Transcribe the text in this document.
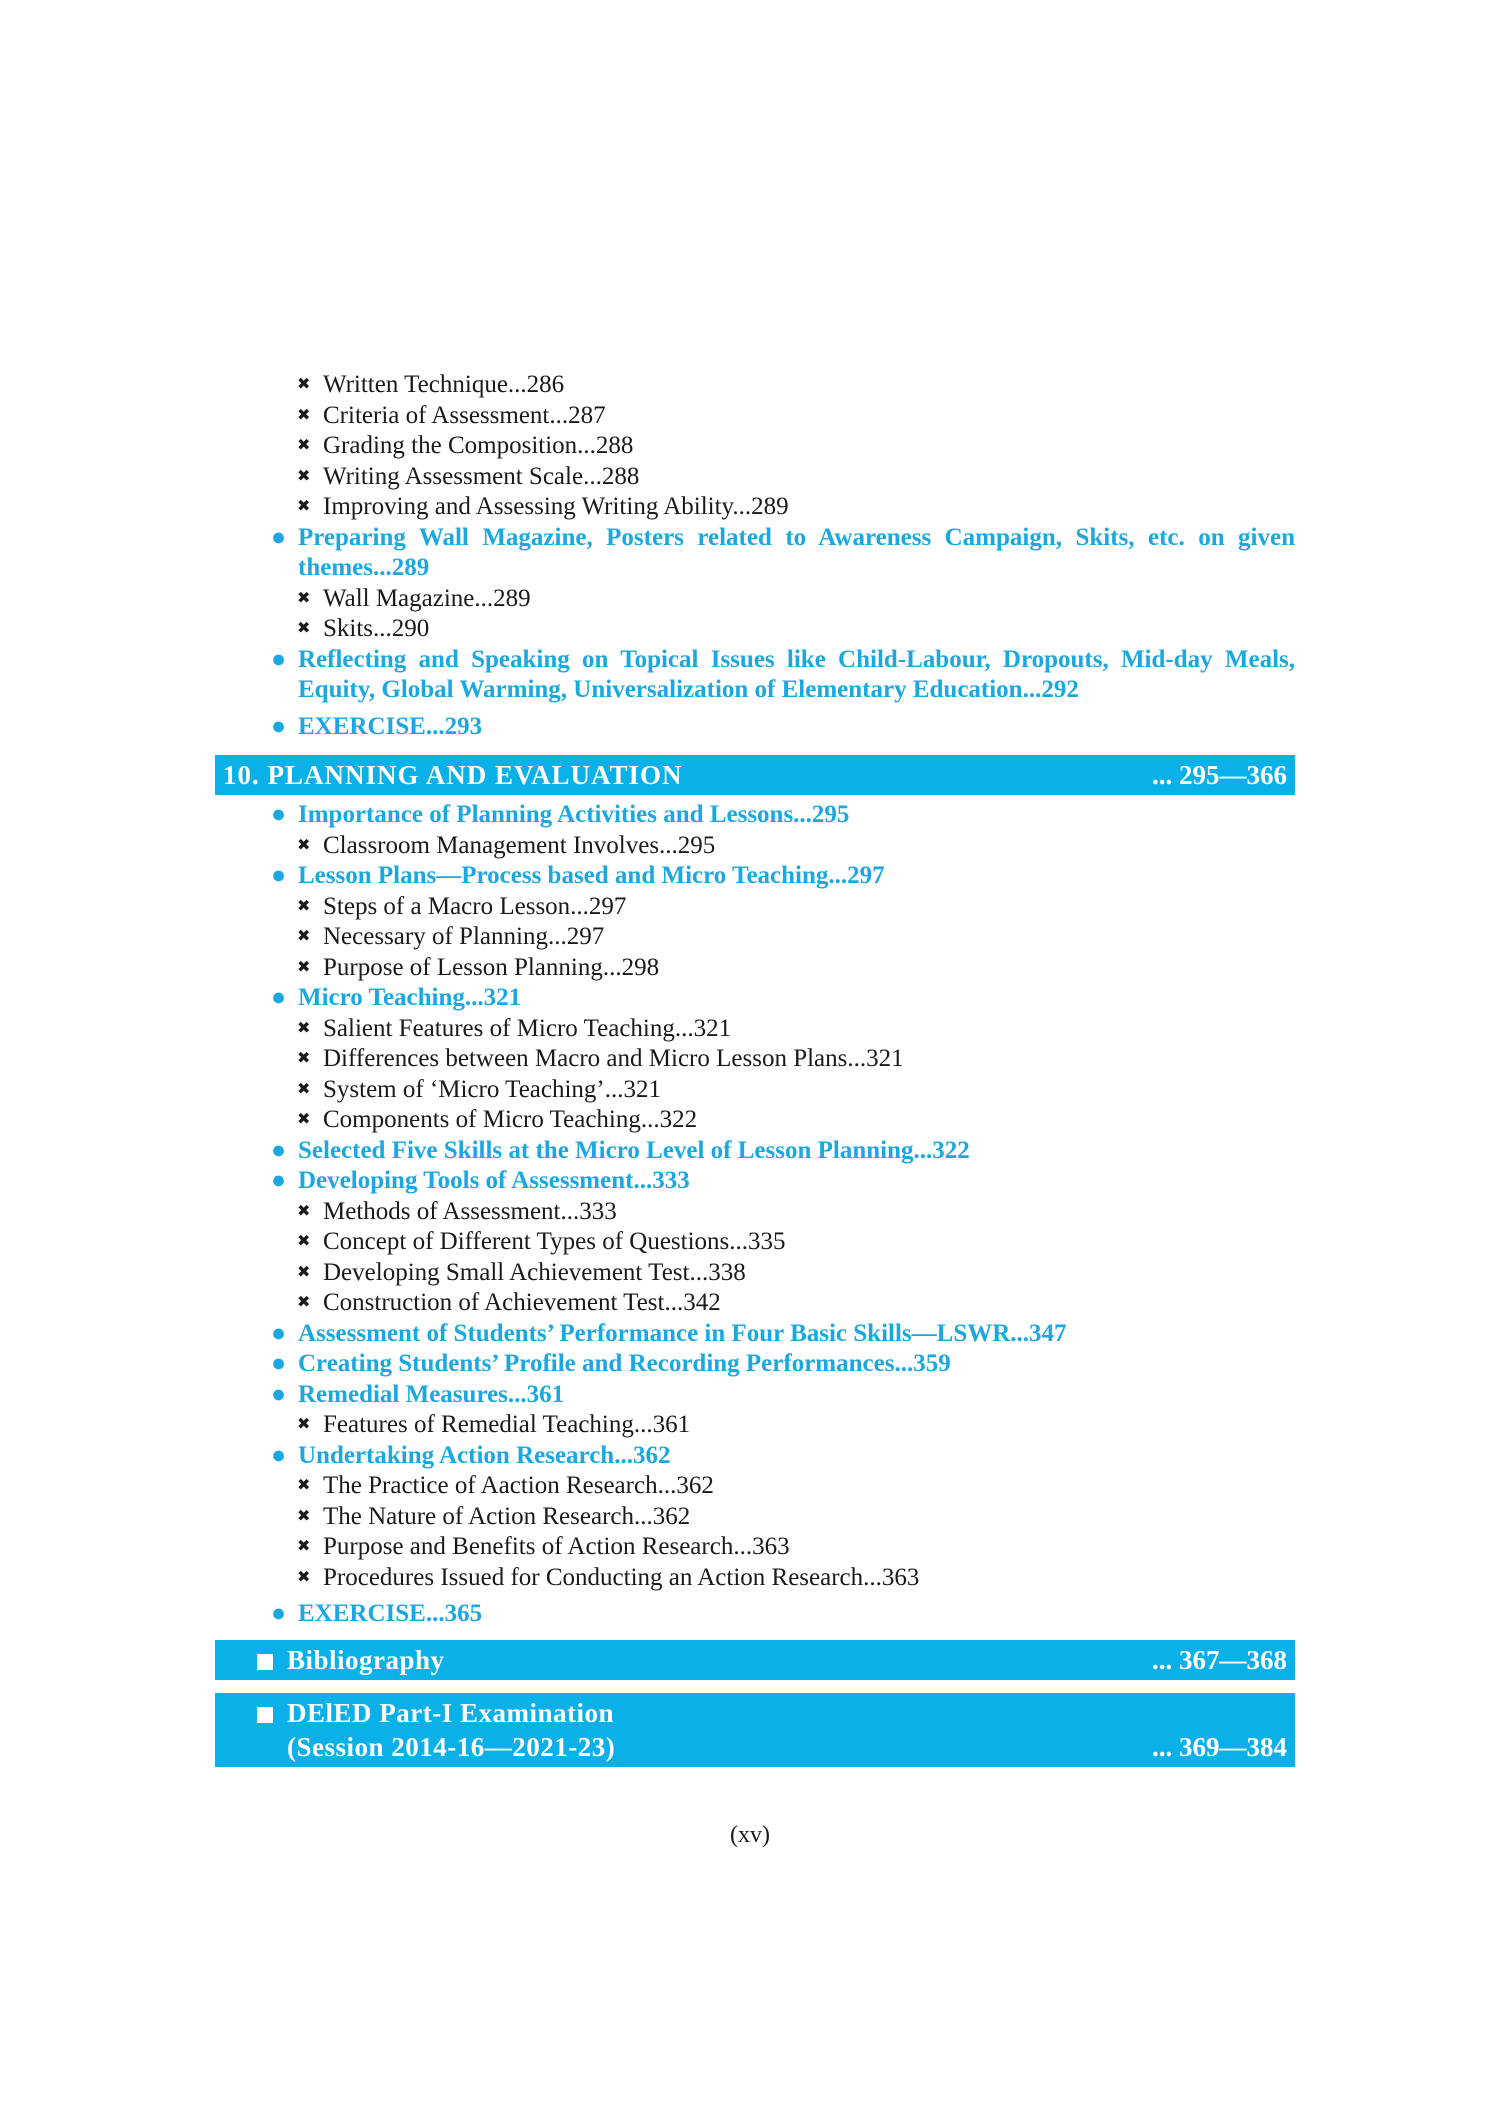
✖ Written Technique...286
✖ Criteria of Assessment...287
✖ Grading the Composition...288
✖ Writing Assessment Scale...288
✖ Improving and Assessing Writing Ability...289
● Preparing Wall Magazine, Posters related to Awareness Campaign, Skits, etc. on given themes...289
✖ Wall Magazine...289
✖ Skits...290
● Reflecting and Speaking on Topical Issues like Child-Labour, Dropouts, Mid-day Meals, Equity, Global Warming, Universalization of Elementary Education...292
● EXERCISE...293
10. PLANNING AND EVALUATION	... 295—366
● Importance of Planning Activities and Lessons...295
✖ Classroom Management Involves...295
● Lesson Plans—Process based and Micro Teaching...297
✖ Steps of a Macro Lesson...297
✖ Necessary of Planning...297
✖ Purpose of Lesson Planning...298
● Micro Teaching...321
✖ Salient Features of Micro Teaching...321
✖ Differences between Macro and Micro Lesson Plans...321
✖ System of ‘Micro Teaching’...321
✖ Components of Micro Teaching...322
● Selected Five Skills at the Micro Level of Lesson Planning...322
● Developing Tools of Assessment...333
✖ Methods of Assessment...333
✖ Concept of Different Types of Questions...335
✖ Developing Small Achievement Test...338
✖ Construction of Achievement Test...342
● Assessment of Students’ Performance in Four Basic Skills—LSWR...347
● Creating Students’ Profile and Recording Performances...359
● Remedial Measures...361
✖ Features of Remedial Teaching...361
● Undertaking Action Research...362
✖ The Practice of Aaction Research...362
✖ The Nature of Action Research...362
✖ Purpose and Benefits of Action Research...363
✖ Procedures Issued for Conducting an Action Research...363
● EXERCISE...365
Bibliography	... 367—368
DElED Part-I Examination
(Session 2014-16—2021-23)	... 369—384
(xv)
